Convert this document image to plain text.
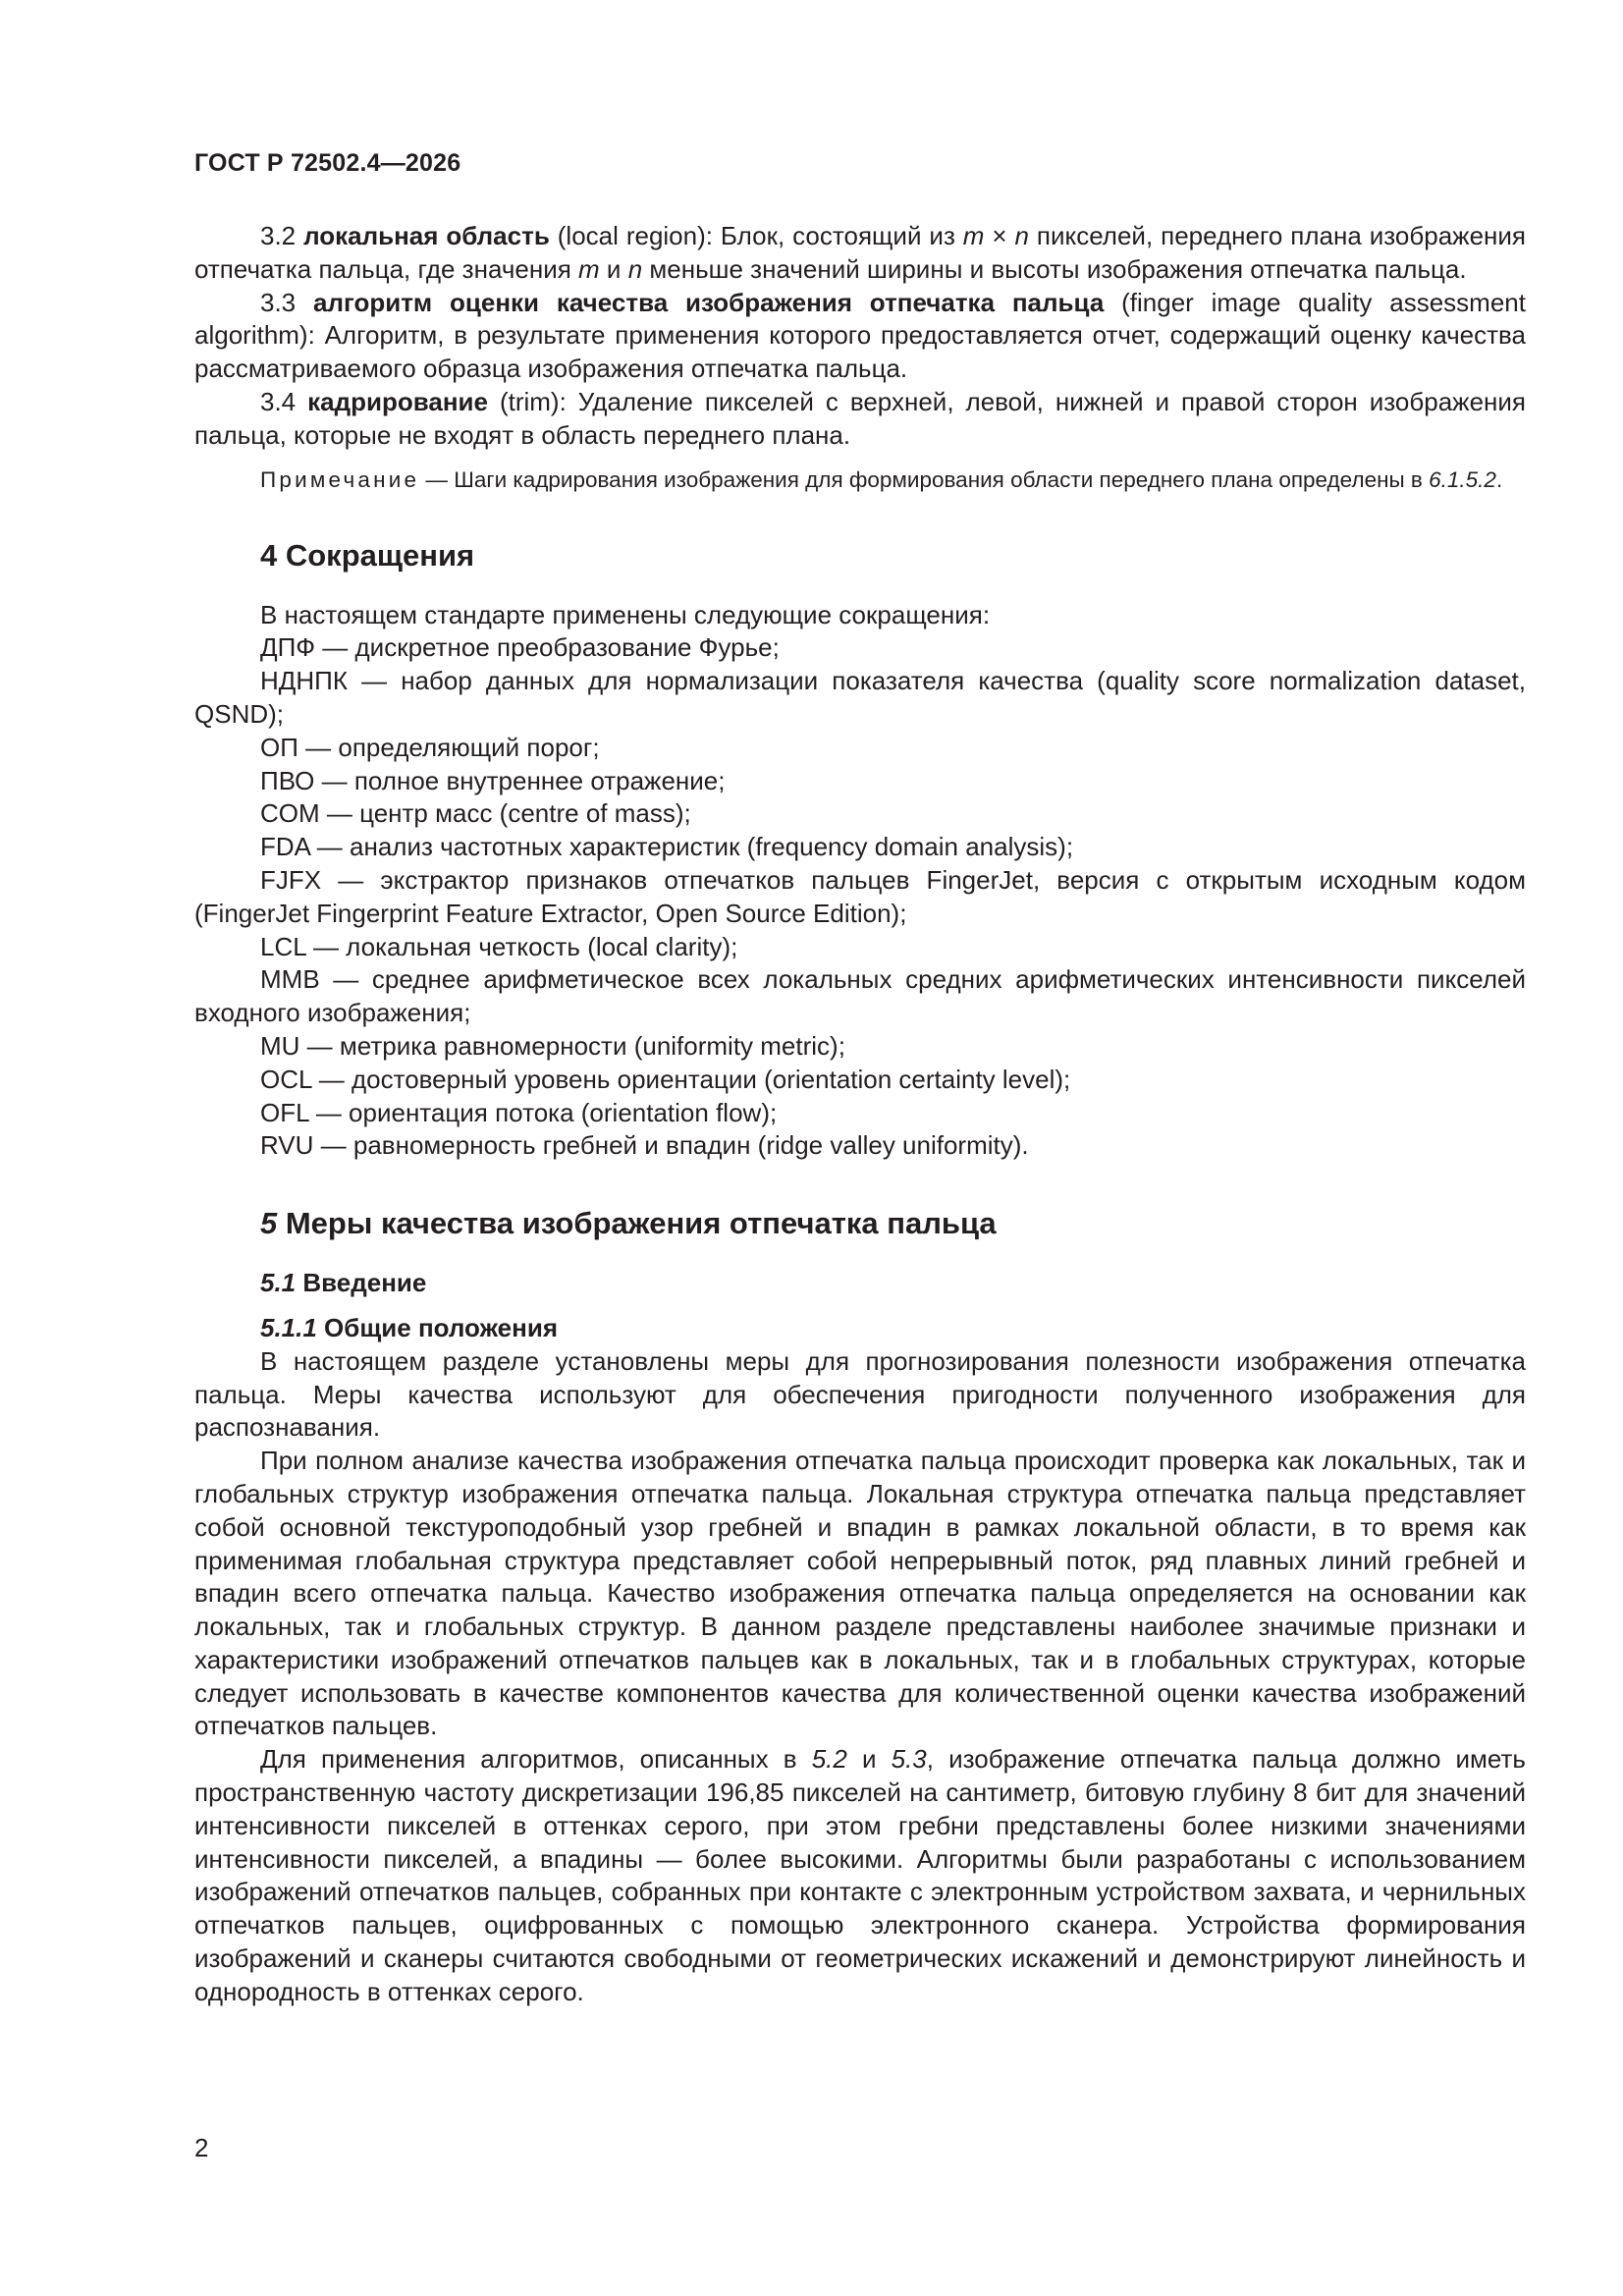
ГОСТ Р 72502.4—2026

3.2 локальная область (local region): Блок, состоящий из m × n пикселей, переднего плана изображения отпечатка пальца, где значения m и n меньше значений ширины и высоты изображения отпечатка пальца.

3.3 алгоритм оценки качества изображения отпечатка пальца (finger image quality assessment algorithm): Алгоритм, в результате применения которого предоставляется отчет, содержащий оценку качества рассматриваемого образца изображения отпечатка пальца.

3.4 кадрирование (trim): Удаление пикселей с верхней, левой, нижней и правой сторон изображения пальца, которые не входят в область переднего плана.

Примечание — Шаги кадрирования изображения для формирования области переднего плана определены в 6.1.5.2.

4 Сокращения

В настоящем стандарте применены следующие сокращения:

ДПФ — дискретное преобразование Фурье;

НДНПК — набор данных для нормализации показателя качества (quality score normalization dataset, QSND);

ОП — определяющий порог;

ПВО — полное внутреннее отражение;

COM — центр масс (centre of mass);

FDA — анализ частотных характеристик (frequency domain analysis);

FJFX — экстрактор признаков отпечатков пальцев FingerJet, версия с открытым исходным кодом (FingerJet Fingerprint Feature Extractor, Open Source Edition);

LCL — локальная четкость (local clarity);

MMB — среднее арифметическое всех локальных средних арифметических интенсивности пикселей входного изображения;

MU — метрика равномерности (uniformity metric);

OCL — достоверный уровень ориентации (orientation certainty level);

OFL — ориентация потока (orientation flow);

RVU — равномерность гребней и впадин (ridge valley uniformity).

5 Меры качества изображения отпечатка пальца
5.1 Введение
5.1.1 Общие положения

В настоящем разделе установлены меры для прогнозирования полезности изображения отпечатка пальца. Меры качества используют для обеспечения пригодности полученного изображения для распознавания.

При полном анализе качества изображения отпечатка пальца происходит проверка как локальных, так и глобальных структур изображения отпечатка пальца. Локальная структура отпечатка пальца представляет собой основной текстуроподобный узор гребней и впадин в рамках локальной области, в то время как применимая глобальная структура представляет собой непрерывный поток, ряд плавных линий гребней и впадин всего отпечатка пальца. Качество изображения отпечатка пальца определяется на основании как локальных, так и глобальных структур. В данном разделе представлены наиболее значимые признаки и характеристики изображений отпечатков пальцев как в локальных, так и в глобальных структурах, которые следует использовать в качестве компонентов качества для количественной оценки качества изображений отпечатков пальцев.

Для применения алгоритмов, описанных в 5.2 и 5.3, изображение отпечатка пальца должно иметь пространственную частоту дискретизации 196,85 пикселей на сантиметр, битовую глубину 8 бит для значений интенсивности пикселей в оттенках серого, при этом гребни представлены более низкими значениями интенсивности пикселей, а впадины — более высокими. Алгоритмы были разработаны с использованием изображений отпечатков пальцев, собранных при контакте с электронным устройством захвата, и чернильных отпечатков пальцев, оцифрованных с помощью электронного сканера. Устройства формирования изображений и сканеры считаются свободными от геометрических искажений и демонстрируют линейность и однородность в оттенках серого.

2
